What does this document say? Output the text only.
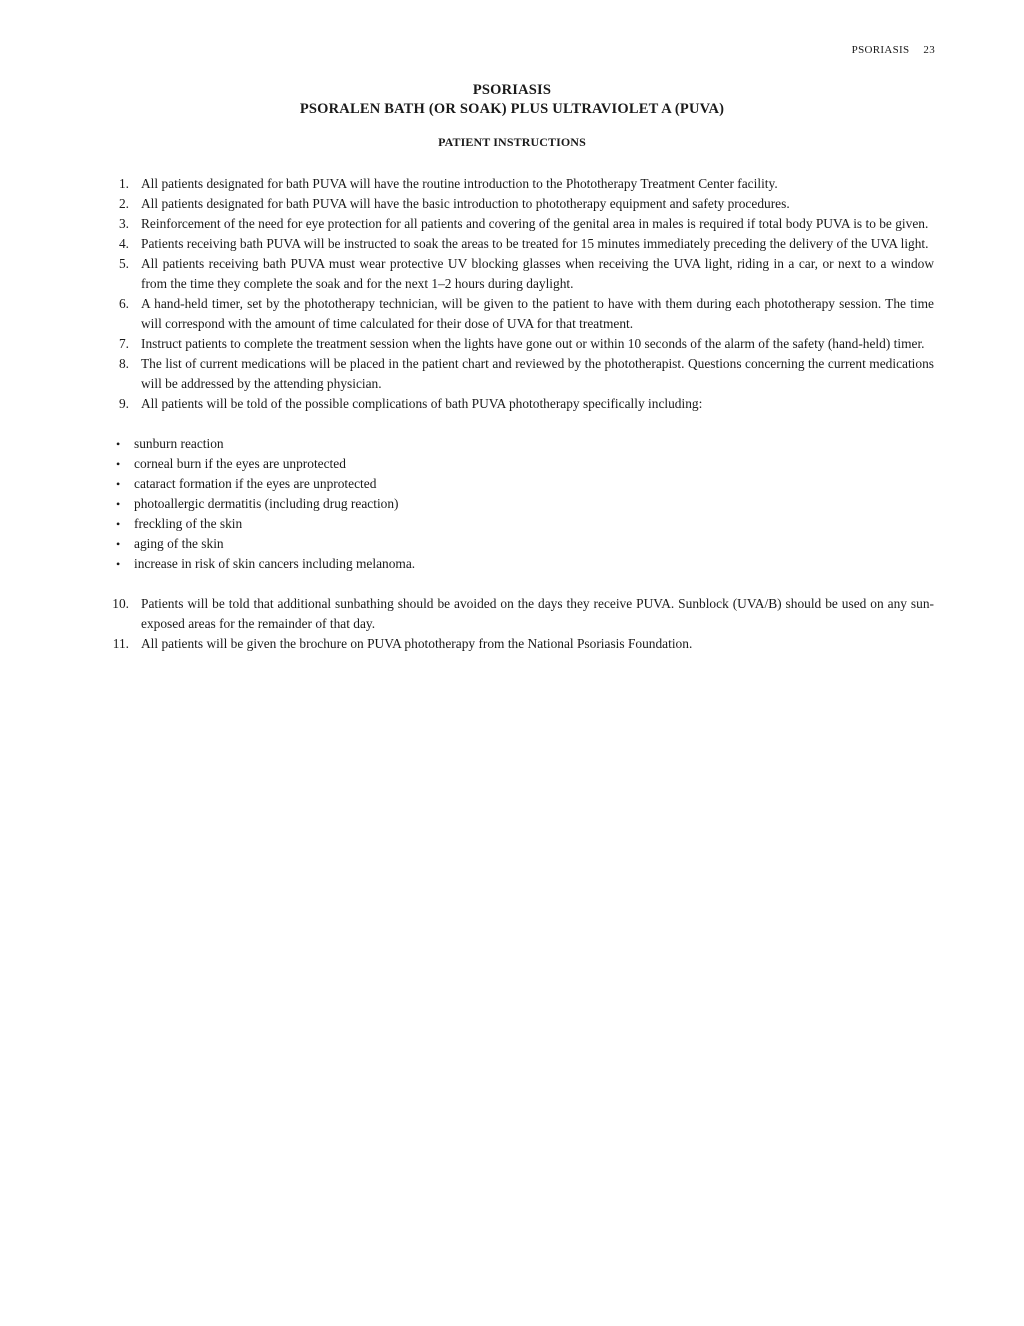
PSORIASIS 23
PSORIASIS
PSORALEN BATH (OR SOAK) PLUS ULTRAVIOLET A (PUVA)
PATIENT INSTRUCTIONS
1. All patients designated for bath PUVA will have the routine introduction to the Phototherapy Treatment Center facility.
2. All patients designated for bath PUVA will have the basic introduction to phototherapy equipment and safety procedures.
3. Reinforcement of the need for eye protection for all patients and covering of the genital area in males is required if total body PUVA is to be given.
4. Patients receiving bath PUVA will be instructed to soak the areas to be treated for 15 minutes immediately preceding the delivery of the UVA light.
5. All patients receiving bath PUVA must wear protective UV blocking glasses when receiving the UVA light, riding in a car, or next to a window from the time they complete the soak and for the next 1–2 hours during daylight.
6. A hand-held timer, set by the phototherapy technician, will be given to the patient to have with them during each phototherapy session. The time will correspond with the amount of time calculated for their dose of UVA for that treatment.
7. Instruct patients to complete the treatment session when the lights have gone out or within 10 seconds of the alarm of the safety (hand-held) timer.
8. The list of current medications will be placed in the patient chart and reviewed by the phototherapist. Questions concerning the current medications will be addressed by the attending physician.
9. All patients will be told of the possible complications of bath PUVA phototherapy specifically including:
•	sunburn reaction
•	corneal burn if the eyes are unprotected
•	cataract formation if the eyes are unprotected
•	photoallergic dermatitis (including drug reaction)
•	freckling of the skin
•	aging of the skin
•	increase in risk of skin cancers including melanoma.
10. Patients will be told that additional sunbathing should be avoided on the days they receive PUVA. Sunblock (UVA/B) should be used on any sun-exposed areas for the remainder of that day.
11. All patients will be given the brochure on PUVA phototherapy from the National Psoriasis Foundation.
